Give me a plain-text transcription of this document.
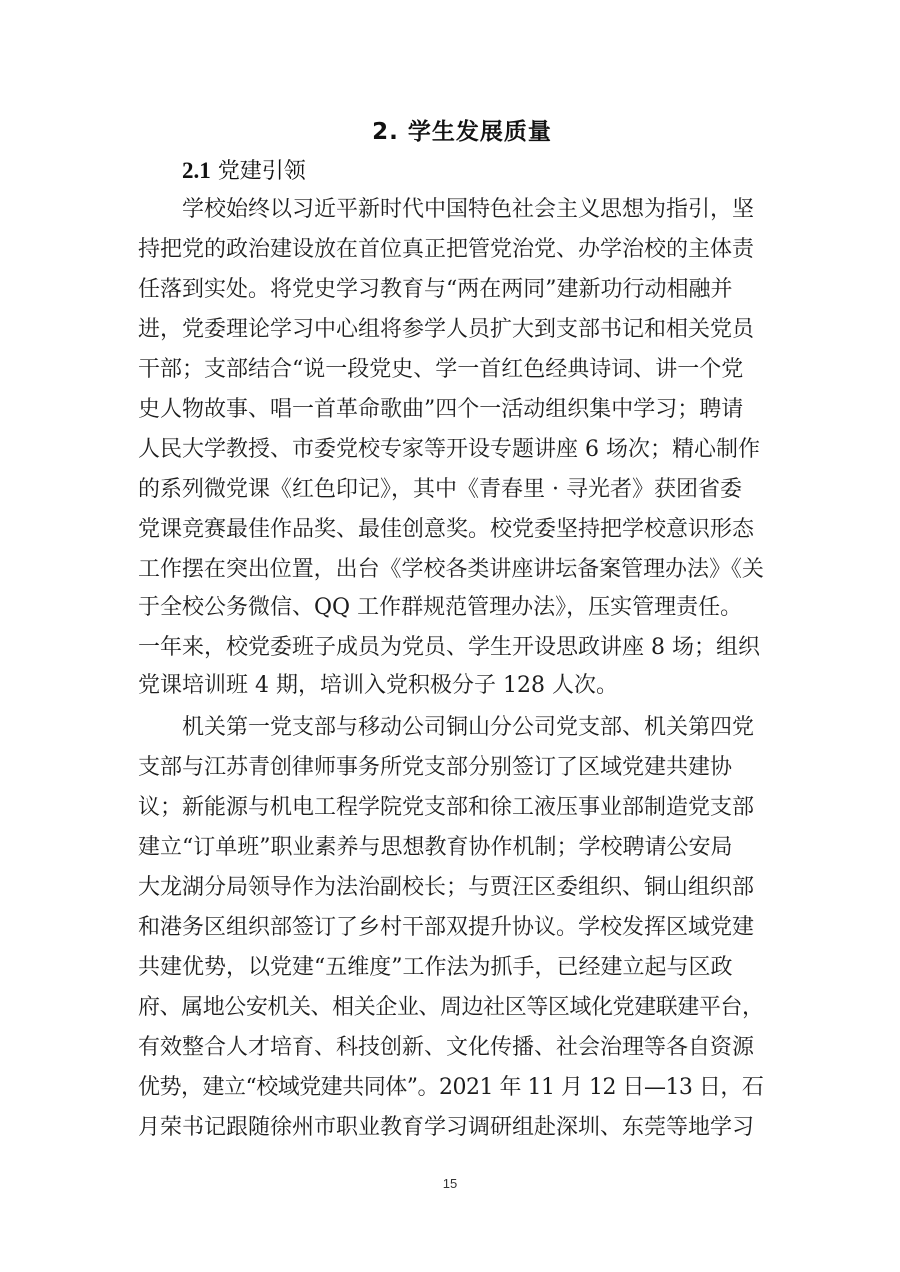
2. 学生发展质量
2.1 党建引领
学校始终以习近平新时代中国特色社会主义思想为指引，坚
持把党的政治建设放在首位真正把管党治党、办学治校的主体责
任落到实处。将党史学习教育与“两在两同”建新功行动相融并
进，党委理论学习中心组将参学人员扩大到支部书记和相关党员
干部；支部结合“说一段党史、学一首红色经典诗词、讲一个党
史人物故事、唱一首革命歌曲”四个一活动组织集中学习；聘请
人民大学教授、市委党校专家等开设专题讲座 6 场次；精心制作
的系列微党课《红色印记》，其中《青春里 · 寻光者》获团省委
党课竞赛最佳作品奖、最佳创意奖。校党委坚持把学校意识形态
工作摆在突出位置，出台《学校各类讲座讲坛备案管理办法》《关
于全校公务微信、QQ 工作群规范管理办法》，压实管理责任。
一年来，校党委班子成员为党员、学生开设思政讲座 8 场；组织
党课培训班 4 期，培训入党积极分子 128 人次。
机关第一党支部与移动公司铜山分公司党支部、机关第四党
支部与江苏青创律师事务所党支部分别签订了区域党建共建协
议；新能源与机电工程学院党支部和徐工液压事业部制造党支部
建立“订单班”职业素养与思想教育协作机制；学校聘请公安局
大龙湖分局领导作为法治副校长；与贾汪区委组织、铜山组织部
和港务区组织部签订了乡村干部双提升协议。学校发挥区域党建
共建优势，以党建“五维度”工作法为抓手，已经建立起与区政
府、属地公安机关、相关企业、周边社区等区域化党建联建平台，
有效整合人才培育、科技创新、文化传播、社会治理等各自资源
优势，建立“校域党建共同体”。2021 年 11 月 12 日—13 日，石
月荣书记跟随徐州市职业教育学习调研组赴深圳、东莞等地学习
15
